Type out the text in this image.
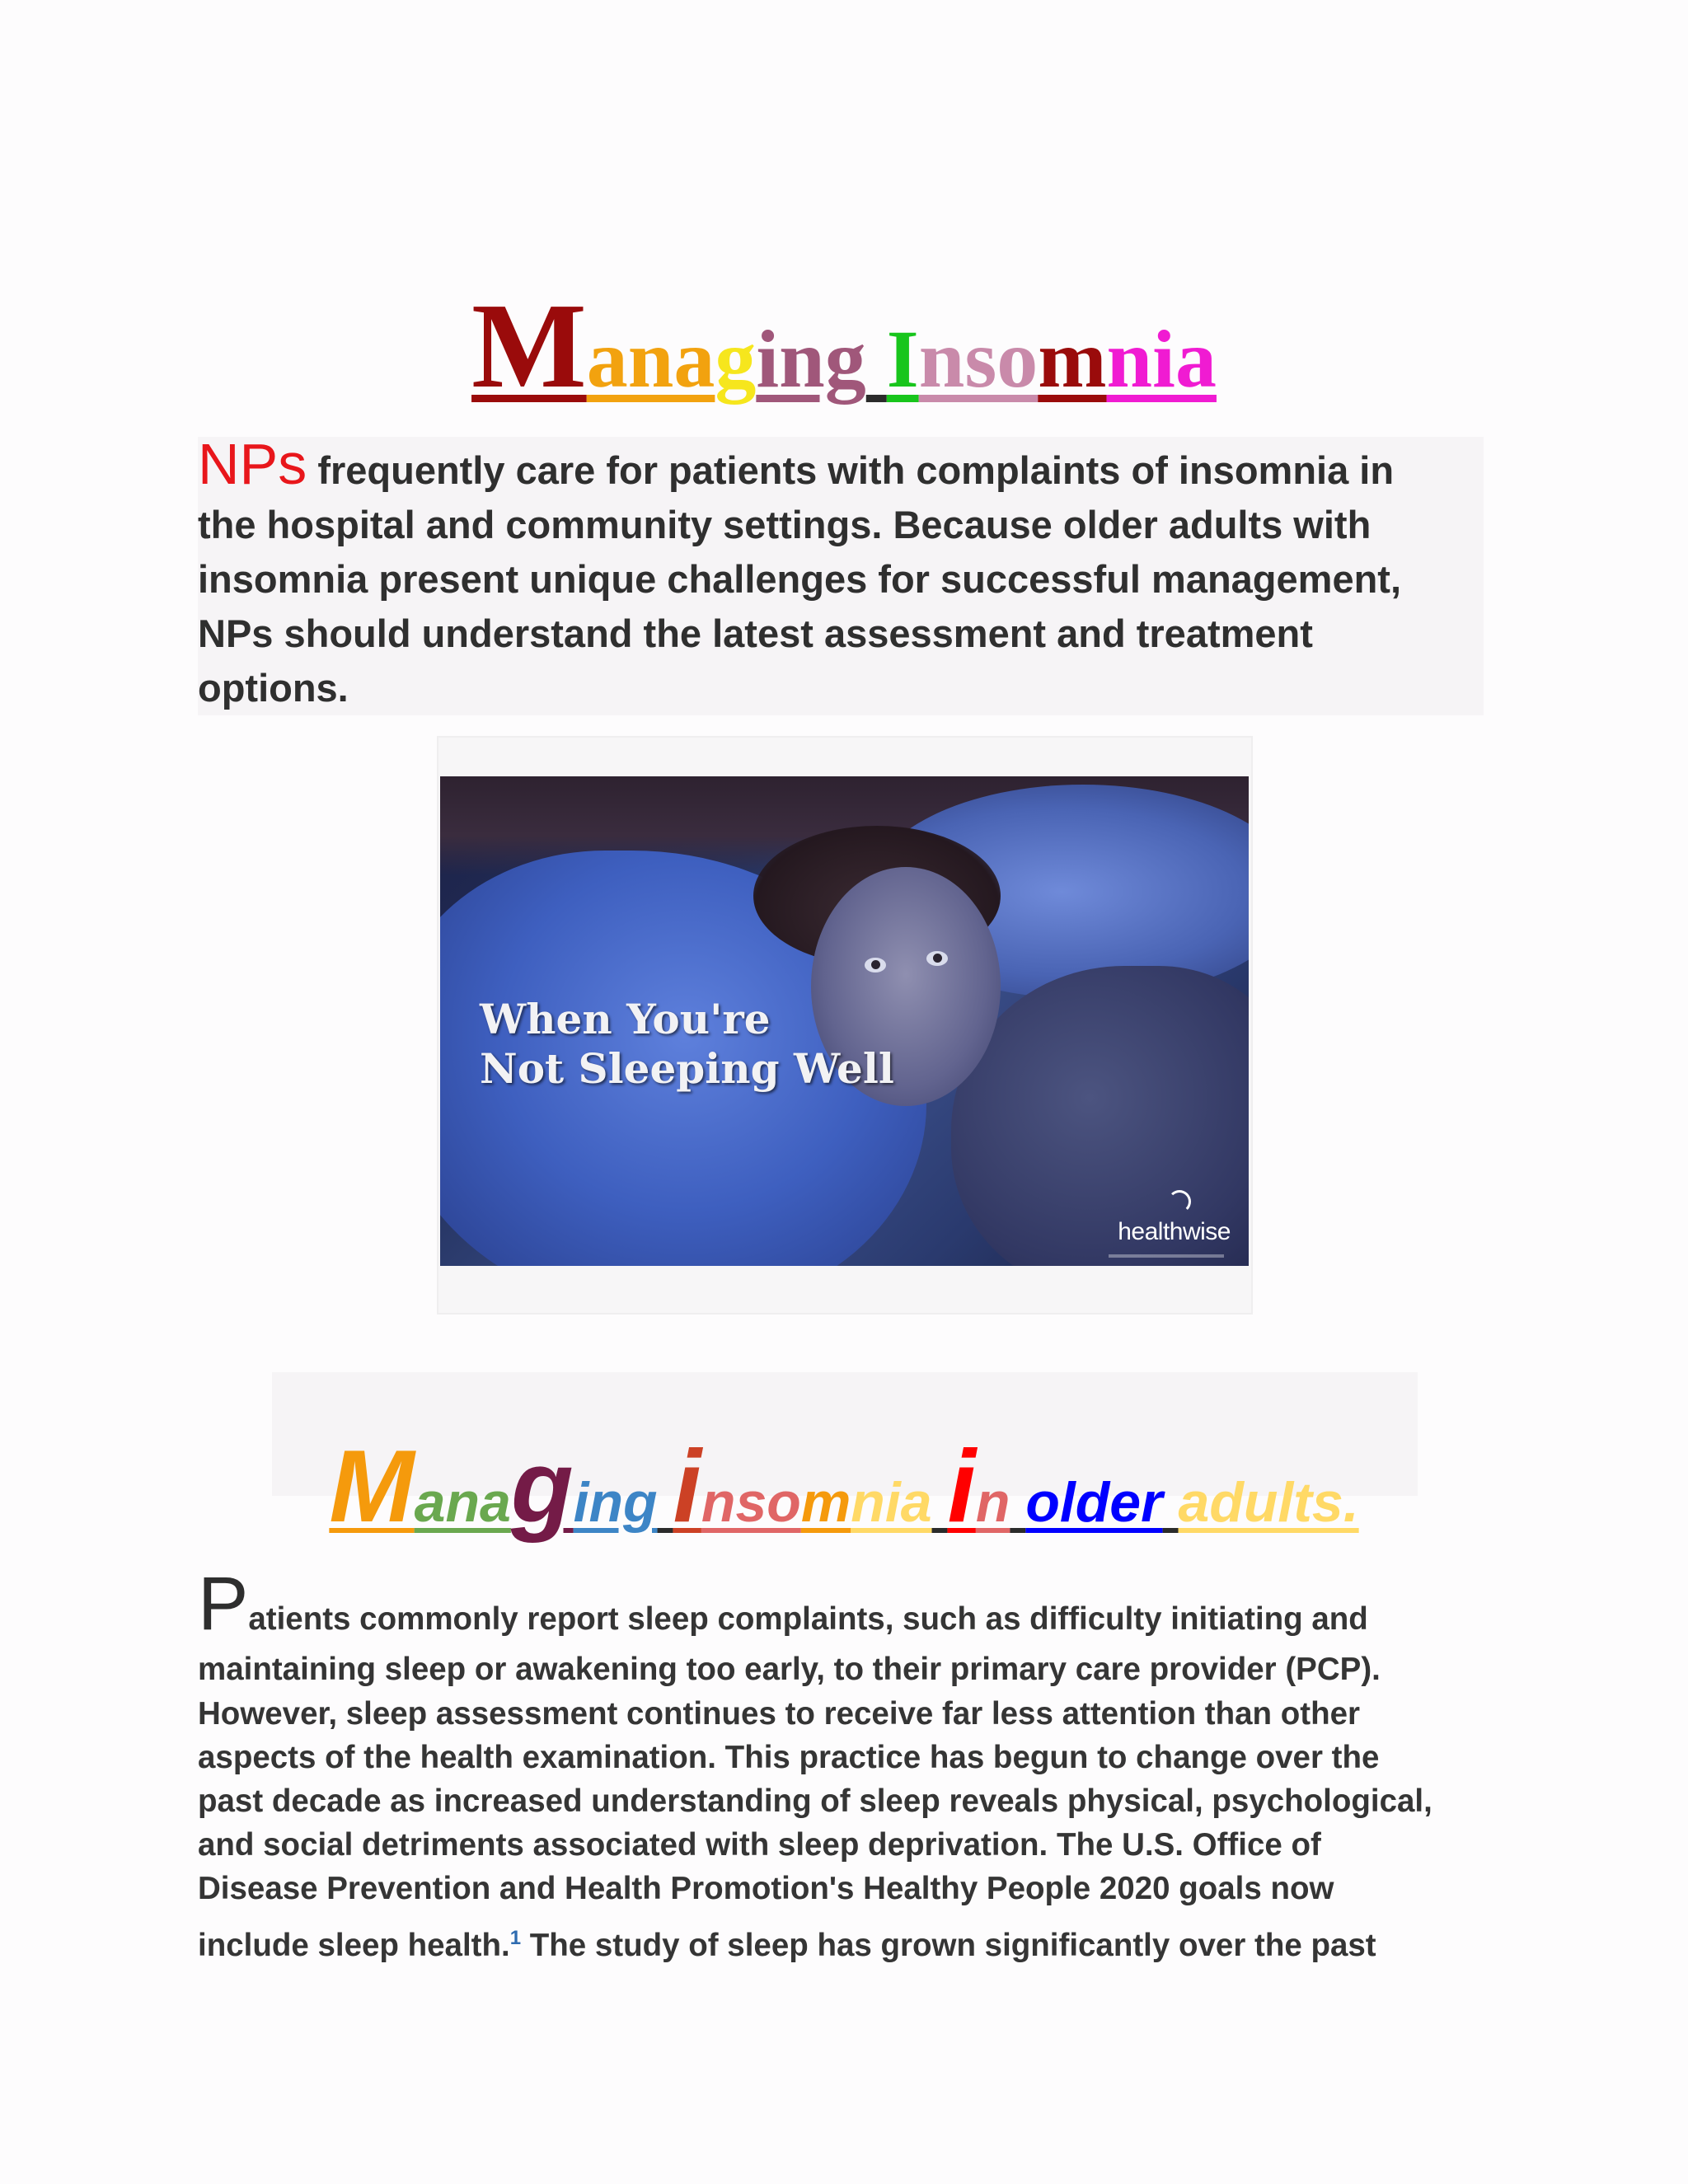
Managing Insomnia
NPs frequently care for patients with complaints of insomnia in
the hospital and community settings. Because older adults with
insomnia present unique challenges for successful management,
NPs should understand the latest assessment and treatment
options.
When You're
Not Sleeping Well
healthwise
Managing insomnia in older adults.
Patients commonly report sleep complaints, such as difficulty initiating and
maintaining sleep or awakening too early, to their primary care provider (PCP).
However, sleep assessment continues to receive far less attention than other
aspects of the health examination. This practice has begun to change over the
past decade as increased understanding of sleep reveals physical, psychological,
and social detriments associated with sleep deprivation. The U.S. Office of
Disease Prevention and Health Promotion's Healthy People 2020 goals now
include sleep health.$^1$ The study of sleep has grown significantly over the past
